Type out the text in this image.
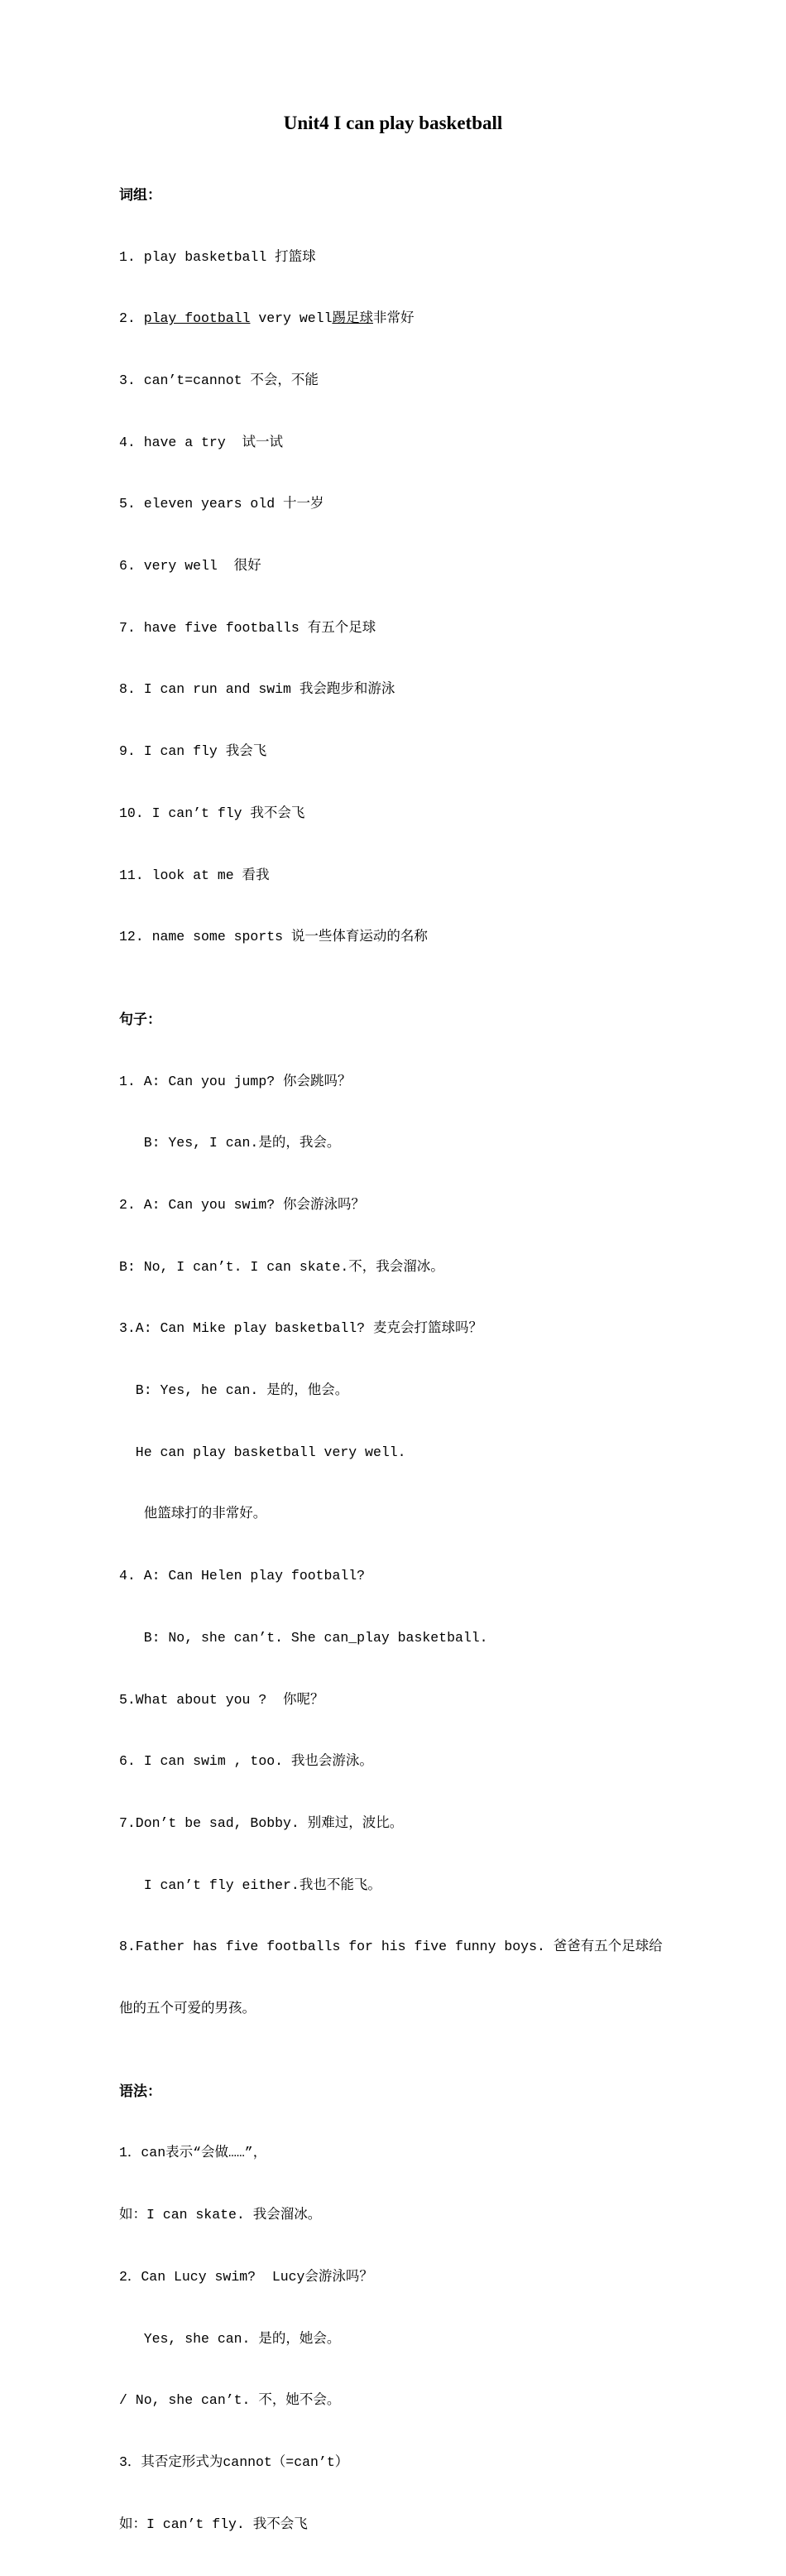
Unit4 I can play basketball

词组：

1. play basketball 打篮球

2. play football very well踢足球非常好

3. can’t=cannot 不会，不能

4. have a try  试一试

5. eleven years old 十一岁

6. very well  很好

7. have five footballs 有五个足球

8. I can run and swim 我会跑步和游泳

9. I can fly 我会飞

10. I can’t fly 我不会飞

11. look at me 看我

12. name some sports 说一些体育运动的名称

句子：

1. A: Can you jump? 你会跳吗？

B: Yes, I can.是的，我会。

2. A: Can you swim? 你会游泳吗？

B: No, I can’t. I can skate.不，我会溜冰。

3.A: Can Mike play basketball? 麦克会打篮球吗？

B: Yes, he can. 是的，他会。

He can play basketball very well.

他篮球打的非常好。

4. A: Can Helen play football?

B: No, she can’t. She can_play basketball.

5.What about you ?  你呢？

6. I can swim , too. 我也会游泳。

7.Don’t be sad, Bobby. 别难过，波比。

I can’t fly either.我也不能飞。

8.Father has five footballs for his five funny boys. 爸爸有五个足球给

他的五个可爱的男孩。

语法：

1．can表示“会做……”，

如：I can skate. 我会溜冰。

2．Can Lucy swim?  Lucy会游泳吗？

Yes, she can. 是的，她会。

/ No, she can’t. 不，她不会。

3．其否定形式为cannot（=can’t）

如：I can’t fly. 我不会飞
